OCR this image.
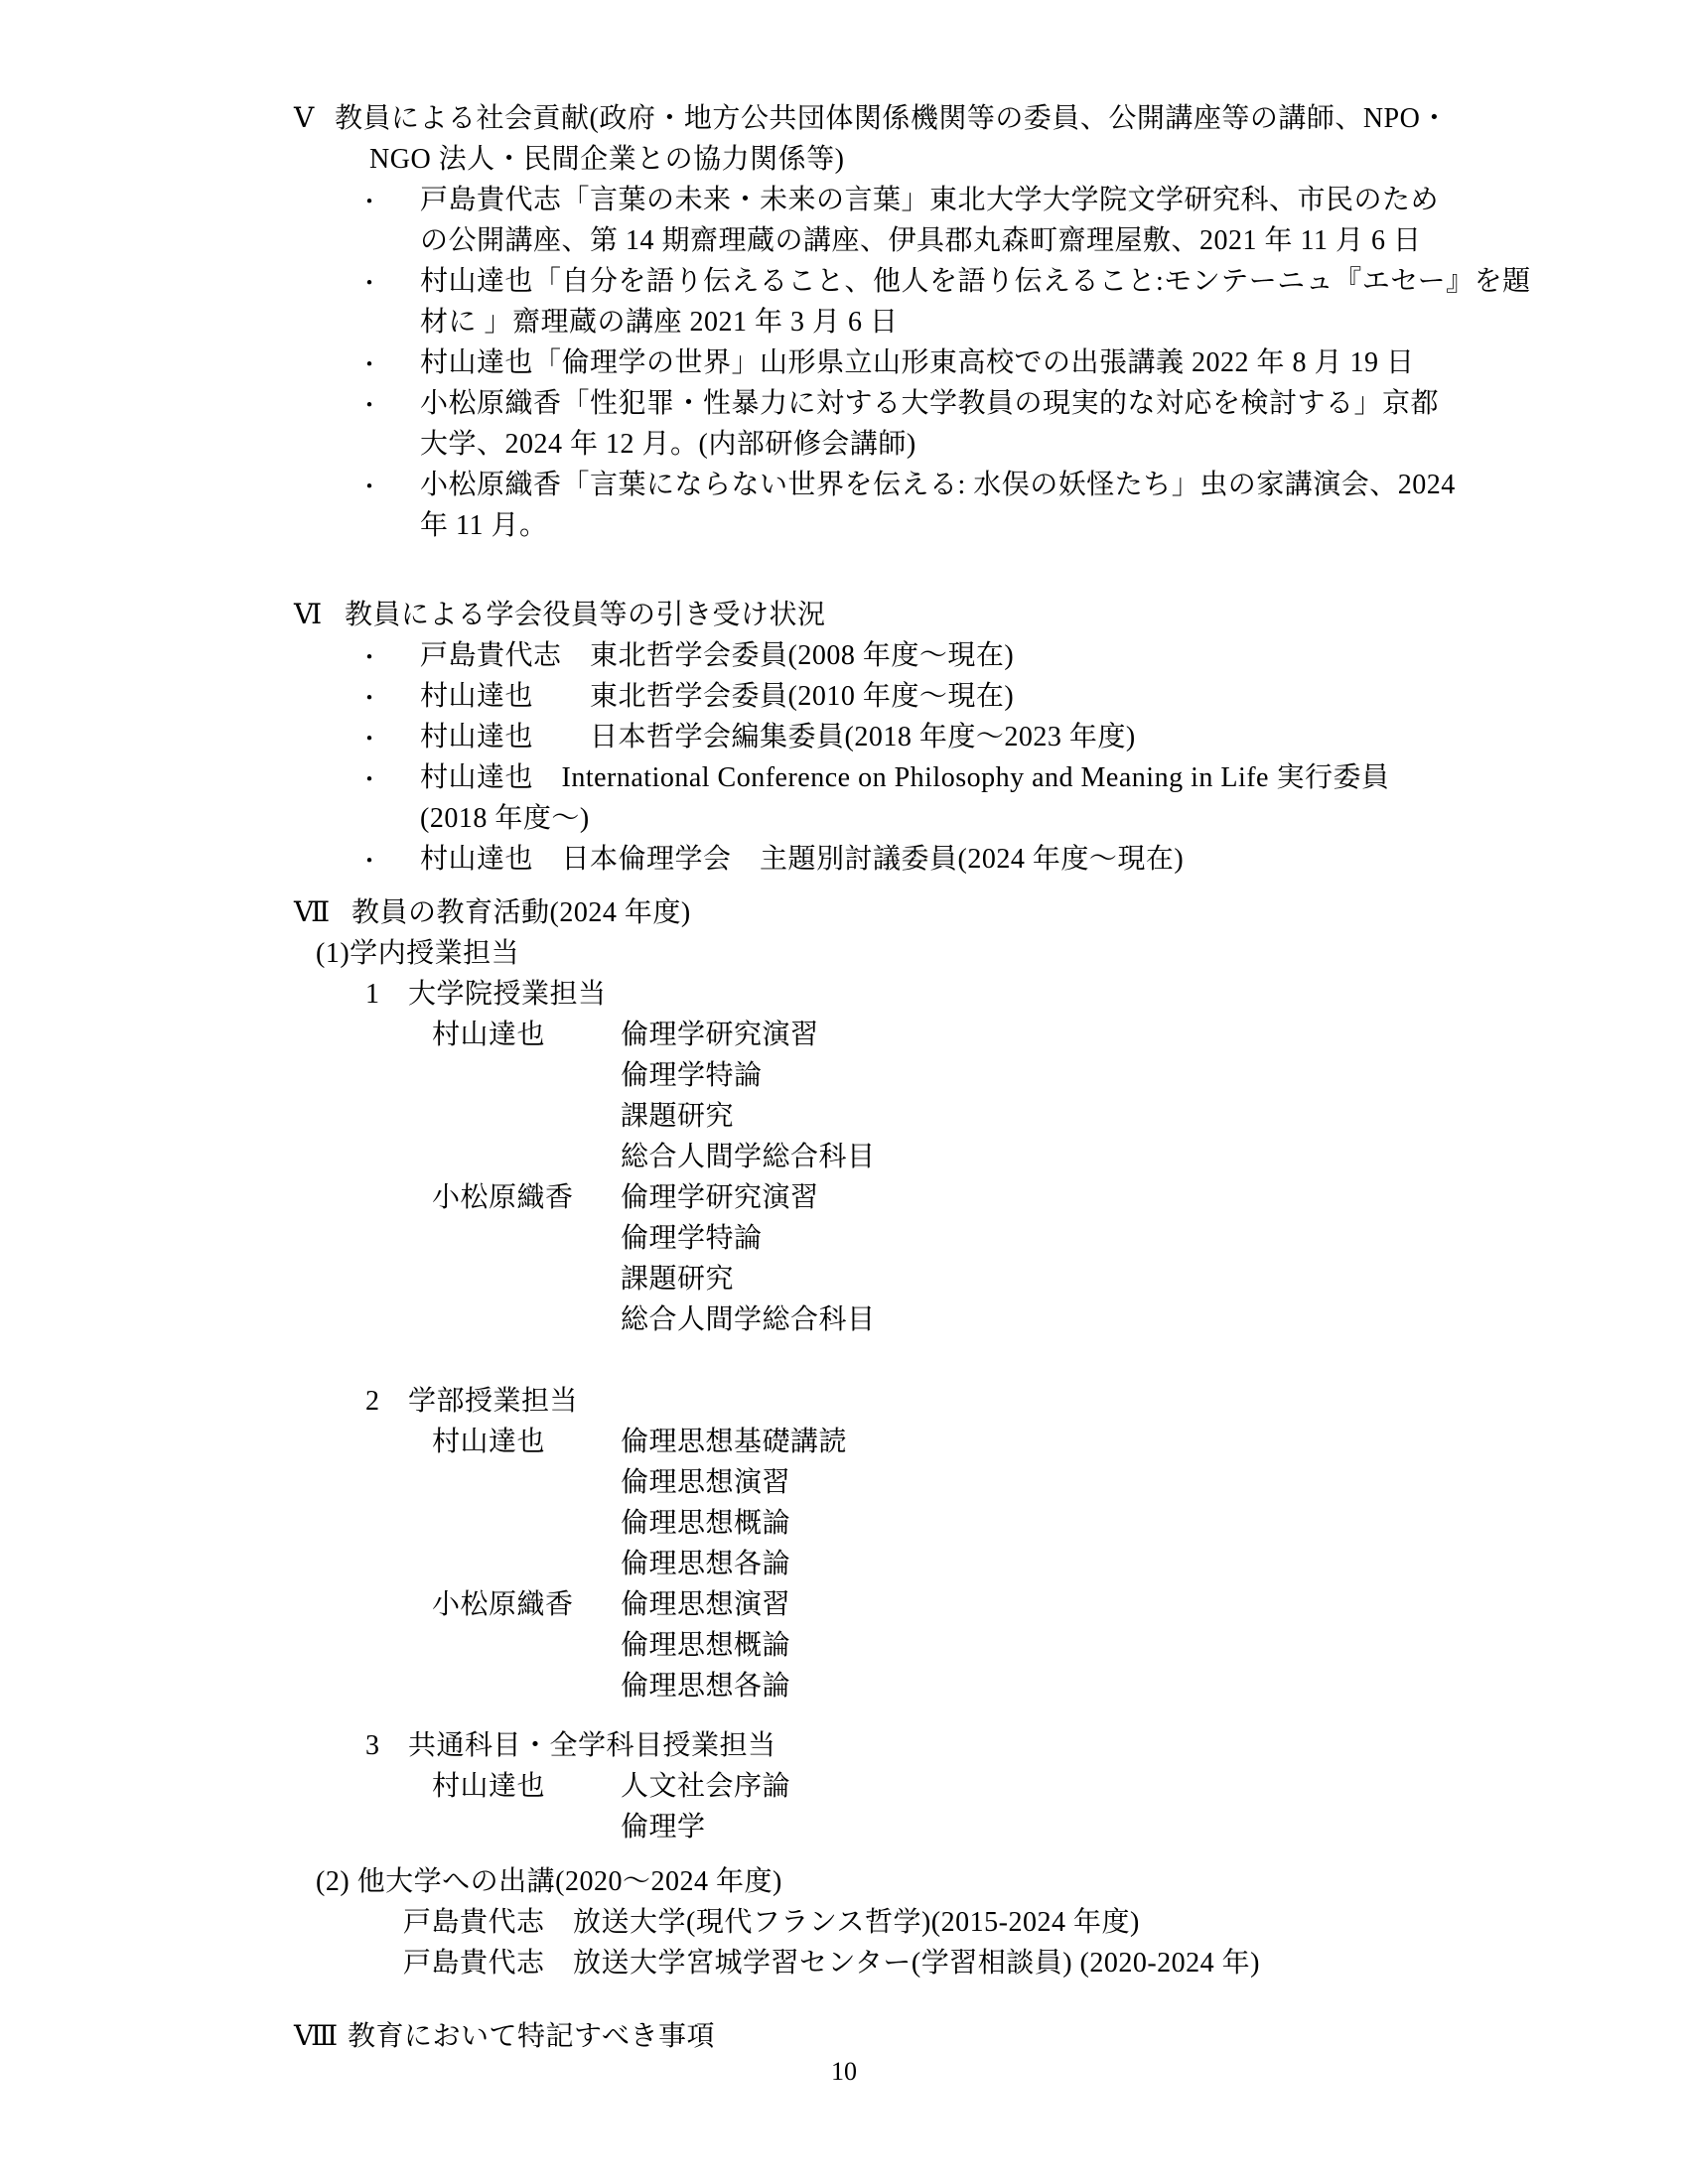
Ⅴ 教員による社会貢献(政府・地方公共団体関係機関等の委員、公開講座等の講師、NPO・
NGO 法人・民間企業との協力関係等)
・ 戸島貴代志「言葉の未来・未来の言葉」東北大学大学院文学研究科、市民のため
の公開講座、第 14 期齋理蔵の講座、伊具郡丸森町齋理屋敷、2021 年 11 月 6 日
・ 村山達也「自分を語り伝えること、他人を語り伝えること:モンテーニュ『エセー』を題
材に 」齋理蔵の講座 2021 年 3 月 6 日
・ 村山達也「倫理学の世界」山形県立山形東高校での出張講義 2022 年 8 月 19 日
・ 小松原織香「性犯罪・性暴力に対する大学教員の現実的な対応を検討する」京都
大学、2024 年 12 月。(内部研修会講師)
・ 小松原織香「言葉にならない世界を伝える: 水俣の妖怪たち」虫の家講演会、2024
年 11 月。
Ⅵ 教員による学会役員等の引き受け状況
・ 戸島貴代志　東北哲学会委員(2008 年度～現在)
・ 村山達也　　東北哲学会委員(2010 年度～現在)
・ 村山達也　　日本哲学会編集委員(2018 年度～2023 年度)
・ 村山達也　International Conference on Philosophy and Meaning in Life 実行委員
(2018 年度～)
・ 村山達也　日本倫理学会　主題別討議委員(2024 年度～現在)
Ⅶ 教員の教育活動(2024 年度)
(1)学内授業担当
1　大学院授業担当
村山達也	倫理学研究演習
倫理学特論
課題研究
総合人間学総合科目
小松原織香 倫理学研究演習
倫理学特論
課題研究
総合人間学総合科目
2　学部授業担当
村山達也	倫理思想基礎講読
倫理思想演習
倫理思想概論
倫理思想各論
小松原織香 倫理思想演習
倫理思想概論
倫理思想各論
3　共通科目・全学科目授業担当
村山達也	人文社会序論
倫理学
(2) 他大学への出講(2020～2024 年度)
戸島貴代志　放送大学(現代フランス哲学)(2015-2024 年度)
戸島貴代志　放送大学宮城学習センター(学習相談員) (2020-2024 年)
Ⅷ 教育において特記すべき事項
10
